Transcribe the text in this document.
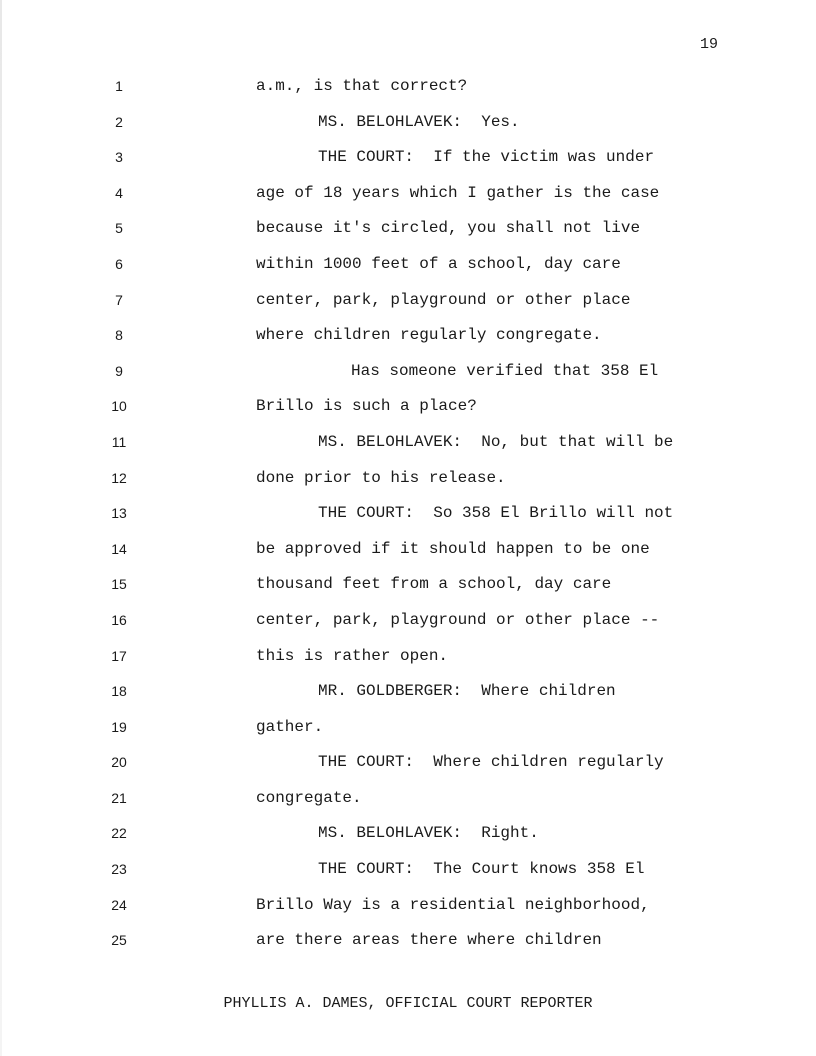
19
1
2
3
4
5
6
7
8
9
10
11
12
13
14
15
16
17
18
19
20
21
22
23
24
25
a.m., is that correct?
MS. BELOHLAVEK:  Yes.
THE COURT:  If the victim was under
age of 18 years which I gather is the case
because it's circled, you shall not live
within 1000 feet of a school, day care
center, park, playground or other place
where children regularly congregate.
Has someone verified that 358 El
Brillo is such a place?
MS. BELOHLAVEK:  No, but that will be
done prior to his release.
THE COURT:  So 358 El Brillo will not
be approved if it should happen to be one
thousand feet from a school, day care
center, park, playground or other place --
this is rather open.
MR. GOLDBERGER:  Where children
gather.
THE COURT:  Where children regularly
congregate.
MS. BELOHLAVEK:  Right.
THE COURT:  The Court knows 358 El
Brillo Way is a residential neighborhood,
are there areas there where children
PHYLLIS A. DAMES, OFFICIAL COURT REPORTER
